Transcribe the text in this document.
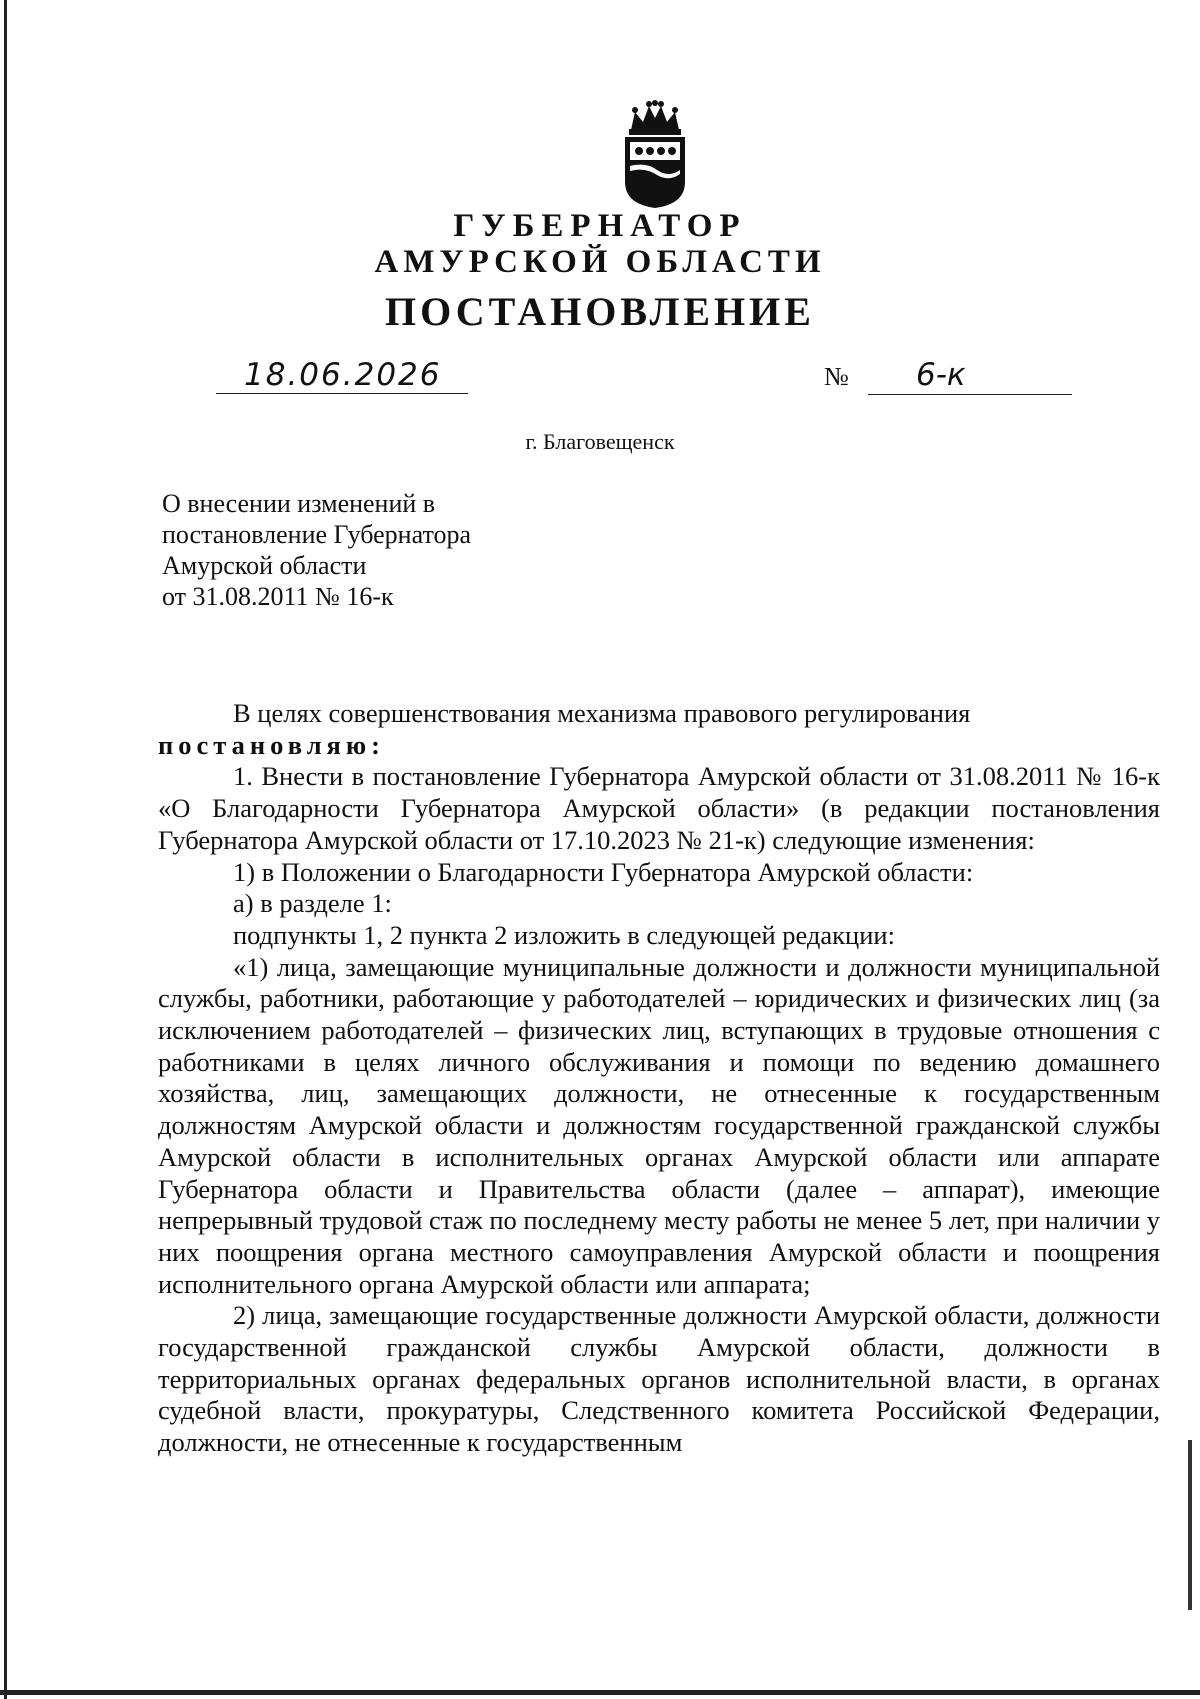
ГУБЕРНАТОР
АМУРСКОЙ ОБЛАСТИ
ПОСТАНОВЛЕНИЕ
18.06.2026	№ 6-к
г. Благовещенск
О внесении изменений в
постановление Губернатора
Амурской области
от 31.08.2011 № 16-к
В целях совершенствования механизма правового регулирования
постановляю:
1. Внести в постановление Губернатора Амурской области от 31.08.2011 № 16-к «О Благодарности Губернатора Амурской области» (в редакции постановления Губернатора Амурской области от 17.10.2023 № 21-к) следующие изменения:
1) в Положении о Благодарности Губернатора Амурской области:
а) в разделе 1:
подпункты 1, 2 пункта 2 изложить в следующей редакции:
«1) лица, замещающие муниципальные должности и должности муниципальной службы, работники, работающие у работодателей – юридических и физических лиц (за исключением работодателей – физических лиц, вступающих в трудовые отношения с работниками в целях личного обслуживания и помощи по ведению домашнего хозяйства, лиц, замещающих должности, не отнесенные к государственным должностям Амурской области и должностям государственной гражданской службы Амурской области в исполнительных органах Амурской области или аппарате Губернатора области и Правительства области (далее – аппарат), имеющие непрерывный трудовой стаж по последнему месту работы не менее 5 лет, при наличии у них поощрения органа местного самоуправления Амурской области и поощрения исполнительного органа Амурской области или аппарата;
2) лица, замещающие государственные должности Амурской области, должности государственной гражданской службы Амурской области, должности в территориальных органах федеральных органов исполнительной власти, в органах судебной власти, прокуратуры, Следственного комитета Российской Федерации, должности, не отнесенные к государственным
